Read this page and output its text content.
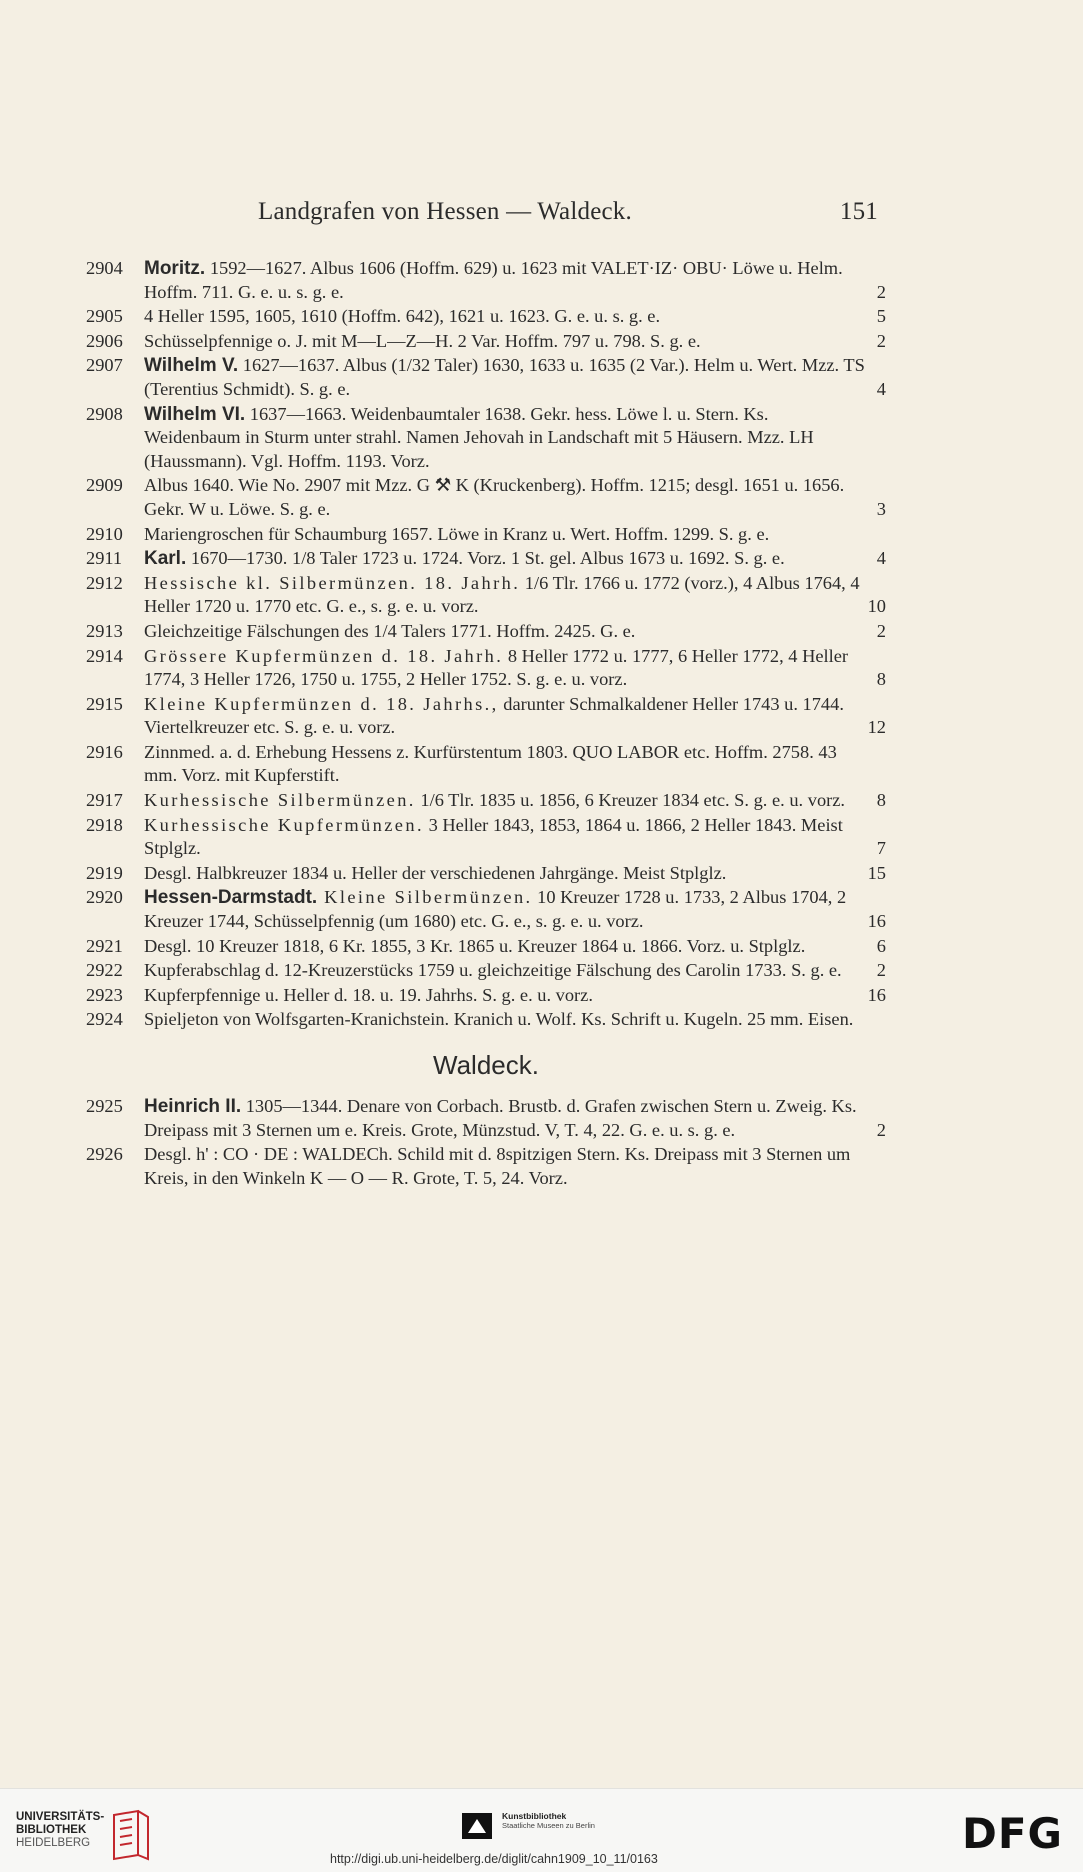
Landgrafen von Hessen — Waldeck.	151
2904	Moritz. 1592—1627. Albus 1606 (Hoffm. 629) u. 1623 mit VALET·IZ· OBU· Löwe u. Helm. Hoffm. 711. G. e. u. s. g. e.	2
2905	4 Heller 1595, 1605, 1610 (Hoffm. 642), 1621 u. 1623. G. e. u. s. g. e.	5
2906	Schüsselpfennige o. J. mit M—L—Z—H. 2 Var. Hoffm. 797 u. 798. S. g. e.	2
2907	Wilhelm V. 1627—1637. Albus (1/32 Taler) 1630, 1633 u. 1635 (2 Var.). Helm u. Wert. Mzz. TS (Terentius Schmidt). S. g. e.	4
2908	Wilhelm VI. 1637—1663. Weidenbaumtaler 1638. Gekr. hess. Löwe l. u. Stern. Ks. Weidenbaum in Sturm unter strahl. Namen Jehovah in Landschaft mit 5 Häusern. Mzz. LH (Haussmann). Vgl. Hoffm. 1193. Vorz.
2909	Albus 1640. Wie No. 2907 mit Mzz. G ⚒ K (Kruckenberg). Hoffm. 1215; desgl. 1651 u. 1656. Gekr. W u. Löwe. S. g. e.	3
2910	Mariengroschen für Schaumburg 1657. Löwe in Kranz u. Wert. Hoffm. 1299. S. g. e.
2911	Karl. 1670—1730. 1/8 Taler 1723 u. 1724. Vorz. 1 St. gel. Albus 1673 u. 1692. S. g. e.	4
2912	Hessische kl. Silbermünzen. 18. Jahrh. 1/6 Tlr. 1766 u. 1772 (vorz.), 4 Albus 1764, 4 Heller 1720 u. 1770 etc. G. e., s. g. e. u. vorz.	10
2913	Gleichzeitige Fälschungen des 1/4 Talers 1771. Hoffm. 2425. G. e.	2
2914	Grössere Kupfermünzen d. 18. Jahrh. 8 Heller 1772 u. 1777, 6 Heller 1772, 4 Heller 1774, 3 Heller 1726, 1750 u. 1755, 2 Heller 1752. S. g. e. u. vorz.	8
2915	Kleine Kupfermünzen d. 18. Jahrhs., darunter Schmalkaldener Heller 1743 u. 1744. Viertelkreuzer etc. S. g. e. u. vorz.	12
2916	Zinnmed. a. d. Erhebung Hessens z. Kurfürstentum 1803. QUO LABOR etc. Hoffm. 2758. 43 mm. Vorz. mit Kupferstift.
2917	Kurhessische Silbermünzen. 1/6 Tlr. 1835 u. 1856, 6 Kreuzer 1834 etc. S. g. e. u. vorz.	8
2918	Kurhessische Kupfermünzen. 3 Heller 1843, 1853, 1864 u. 1866, 2 Heller 1843. Meist Stplglz.	7
2919	Desgl. Halbkreuzer 1834 u. Heller der verschiedenen Jahrgänge. Meist Stplglz.	15
2920	Hessen-Darmstadt. Kleine Silbermünzen. 10 Kreuzer 1728 u. 1733, 2 Albus 1704, 2 Kreuzer 1744, Schüsselpfennig (um 1680) etc. G. e., s. g. e. u. vorz.	16
2921	Desgl. 10 Kreuzer 1818, 6 Kr. 1855, 3 Kr. 1865 u. Kreuzer 1864 u. 1866. Vorz. u. Stplglz.	6
2922	Kupferabschlag d. 12-Kreuzerstücks 1759 u. gleichzeitige Fälschung des Carolin 1733. S. g. e.	2
2923	Kupferpfennige u. Heller d. 18. u. 19. Jahrhs. S. g. e. u. vorz.	16
2924	Spieljeton von Wolfsgarten-Kranichstein. Kranich u. Wolf. Ks. Schrift u. Kugeln. 25 mm. Eisen.
Waldeck.
2925	Heinrich II. 1305—1344. Denare von Corbach. Brustb. d. Grafen zwischen Stern u. Zweig. Ks. Dreipass mit 3 Sternen um e. Kreis. Grote, Münzstud. V, T. 4, 22. G. e. u. s. g. e.	2
2926	Desgl. h' : CO · DE : WALDECh. Schild mit d. 8spitzigen Stern. Ks. Dreipass mit 3 Sternen um Kreis, in den Winkeln K — O — R. Grote, T. 5, 24. Vorz.
UNIVERSITÄTS-
BIBLIOTHEK
HEIDELBERG
Kunstbibliothek
Staatliche Museen zu Berlin	DFG
http://digi.ub.uni-heidelberg.de/diglit/cahn1909_10_11/0163
